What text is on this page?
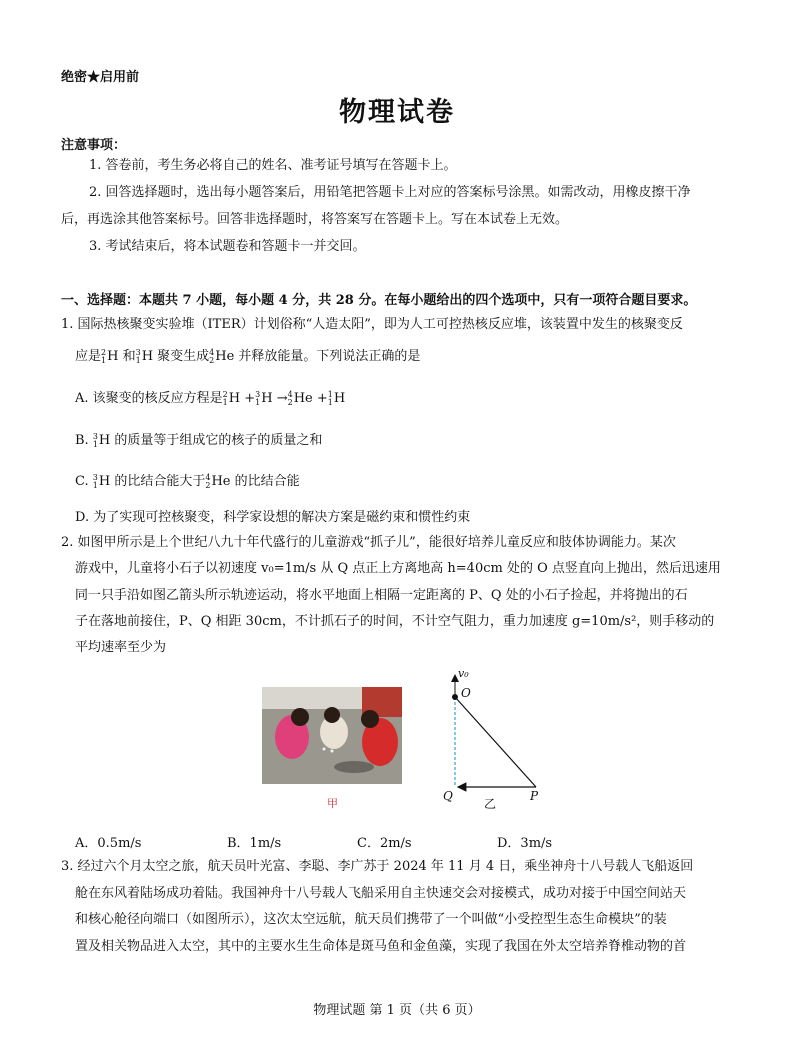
绝密★启用前
物理试卷
注意事项：
1. 答卷前，考生务必将自己的姓名、准考证号填写在答题卡上。
2. 回答选择题时，选出每小题答案后，用铅笔把答题卡上对应的答案标号涂黑。如需改动，用橡皮擦干净
后，再选涂其他答案标号。回答非选择题时，将答案写在答题卡上。写在本试卷上无效。
3. 考试结束后，将本试题卷和答题卡一并交回。
一、选择题：本题共 7 小题，每小题 4 分，共 28 分。在每小题给出的四个选项中，只有一项符合题目要求。
1. 国际热核聚变实验堆（ITER）计划俗称“人造太阳”，即为人工可控热核反应堆，该装置中发生的核聚变反
应是 2
1 H 和 3
1 H 聚变生成 4
2 He 并释放能量。下列说法正确的是
A. 该聚变的核反应方程是 2
1 H + 3
1 H → 4
2 He + 1
1 H
B. 3
1 H 的质量等于组成它的核子的质量之和
C. 3
1 H 的比结合能大于 4
2 He 的比结合能
D. 为了实现可控核聚变，科学家设想的解决方案是磁约束和惯性约束
2. 如图甲所示是上个世纪八九十年代盛行的儿童游戏“抓子儿”，能很好培养儿童反应和肢体协调能力。某次
游戏中，儿童将小石子以初速度 v₀=1m/s 从 Q 点正上方离地高 h=40cm 处的 O 点竖直向上抛出，然后迅速用
同一只手沿如图乙箭头所示轨迹运动，将水平地面上相隔一定距离的 P、Q 处的小石子捡起，并将抛出的石
子在落地前接住，P、Q 相距 30cm，不计抓石子的时间，不计空气阻力，重力加速度 g=10m/s²，则手移动的
平均速率至少为
甲
v₀
O
Q	P
乙
A．0.5m/s	B．1m/s	C．2m/s	D．3m/s
3. 经过六个月太空之旅，航天员叶光富、李聪、李广苏于 2024 年 11 月 4 日，乘坐神舟十八号载人飞船返回
舱在东风着陆场成功着陆。我国神舟十八号载人飞船采用自主快速交会对接模式，成功对接于中国空间站天
和核心舱径向端口（如图所示），这次太空远航，航天员们携带了一个叫做“小受控型生态生命模块”的装
置及相关物品进入太空，其中的主要水生生命体是斑马鱼和金鱼藻，实现了我国在外太空培养脊椎动物的首
物理试题 第 1 页（共 6 页）
